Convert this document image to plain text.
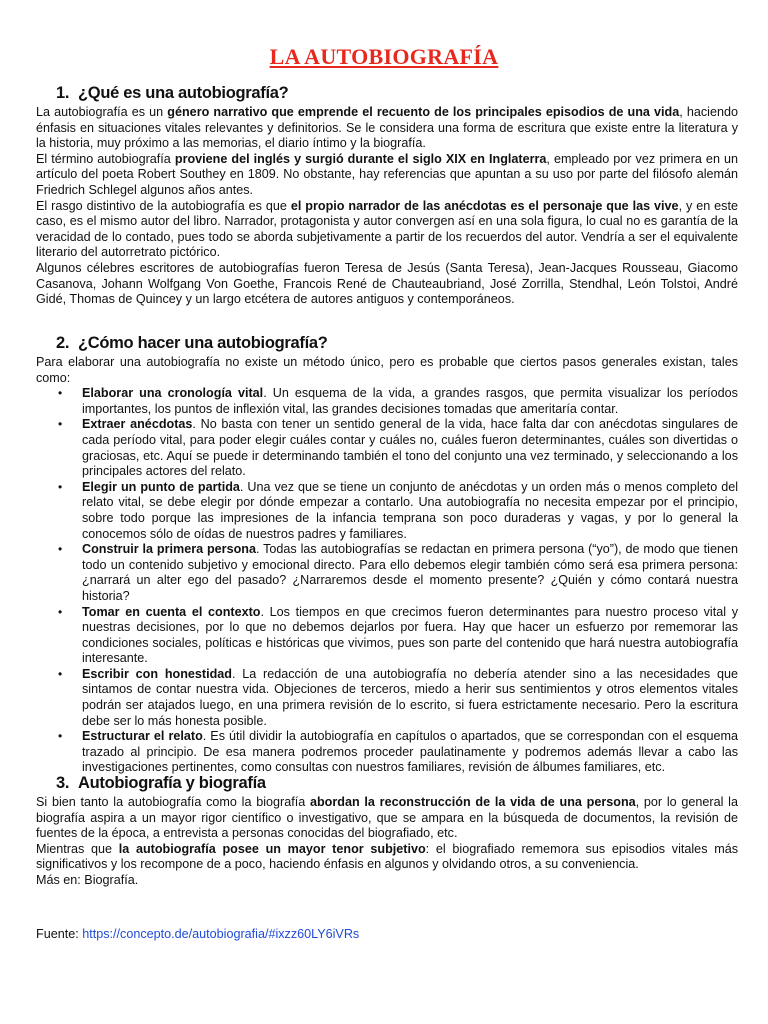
LA AUTOBIOGRAFÍA
1. ¿Qué es una autobiografía?

La autobiografía es un género narrativo que emprende el recuento de los principales episodios de una vida, haciendo énfasis en situaciones vitales relevantes y definitorios. Se le considera una forma de escritura que existe entre la literatura y la historia, muy próximo a las memorias, el diario íntimo y la biografía.

El término autobiografía proviene del inglés y surgió durante el siglo XIX en Inglaterra, empleado por vez primera en un artículo del poeta Robert Southey en 1809. No obstante, hay referencias que apuntan a su uso por parte del filósofo alemán Friedrich Schlegel algunos años antes.

El rasgo distintivo de la autobiografía es que el propio narrador de las anécdotas es el personaje que las vive, y en este caso, es el mismo autor del libro. Narrador, protagonista y autor convergen así en una sola figura, lo cual no es garantía de la veracidad de lo contado, pues todo se aborda subjetivamente a partir de los recuerdos del autor. Vendría a ser el equivalente literario del autorretrato pictórico.

Algunos célebres escritores de autobiografías fueron Teresa de Jesús (Santa Teresa), Jean-Jacques Rousseau, Giacomo Casanova, Johann Wolfgang Von Goethe, Francois René de Chauteaubriand, José Zorrilla, Stendhal, León Tolstoi, André Gidé, Thomas de Quincey y un largo etcétera de autores antiguos y contemporáneos.

2. ¿Cómo hacer una autobiografía?

Para elaborar una autobiografía no existe un método único, pero es probable que ciertos pasos generales existan, tales como:

• Elaborar una cronología vital. Un esquema de la vida, a grandes rasgos, que permita visualizar los períodos importantes, los puntos de inflexión vital, las grandes decisiones tomadas que ameritaría contar.
• Extraer anécdotas. No basta con tener un sentido general de la vida, hace falta dar con anécdotas singulares de cada período vital, para poder elegir cuáles contar y cuáles no, cuáles fueron determinantes, cuáles son divertidas o graciosas, etc. Aquí se puede ir determinando también el tono del conjunto una vez terminado, y seleccionando a los principales actores del relato.
• Elegir un punto de partida. Una vez que se tiene un conjunto de anécdotas y un orden más o menos completo del relato vital, se debe elegir por dónde empezar a contarlo. Una autobiografía no necesita empezar por el principio, sobre todo porque las impresiones de la infancia temprana son poco duraderas y vagas, y por lo general la conocemos sólo de oídas de nuestros padres y familiares.
• Construir la primera persona. Todas las autobiografías se redactan en primera persona (“yo”), de modo que tienen todo un contenido subjetivo y emocional directo. Para ello debemos elegir también cómo será esa primera persona: ¿narrará un alter ego del pasado? ¿Narraremos desde el momento presente? ¿Quién y cómo contará nuestra historia?
• Tomar en cuenta el contexto. Los tiempos en que crecimos fueron determinantes para nuestro proceso vital y nuestras decisiones, por lo que no debemos dejarlos por fuera. Hay que hacer un esfuerzo por rememorar las condiciones sociales, políticas e históricas que vivimos, pues son parte del contenido que hará nuestra autobiografía interesante.
• Escribir con honestidad. La redacción de una autobiografía no debería atender sino a las necesidades que sintamos de contar nuestra vida. Objeciones de terceros, miedo a herir sus sentimientos y otros elementos vitales podrán ser atajados luego, en una primera revisión de lo escrito, si fuera estrictamente necesario. Pero la escritura debe ser lo más honesta posible.
• Estructurar el relato. Es útil dividir la autobiografía en capítulos o apartados, que se correspondan con el esquema trazado al principio. De esa manera podremos proceder paulatinamente y podremos además llevar a cabo las investigaciones pertinentes, como consultas con nuestros familiares, revisión de álbumes familiares, etc.
3. Autobiografía y biografía

Si bien tanto la autobiografía como la biografía abordan la reconstrucción de la vida de una persona, por lo general la biografía aspira a un mayor rigor científico o investigativo, que se ampara en la búsqueda de documentos, la revisión de fuentes de la época, a entrevista a personas conocidas del biografiado, etc.

Mientras que la autobiografía posee un mayor tenor subjetivo: el biografiado rememora sus episodios vitales más significativos y los recompone de a poco, haciendo énfasis en algunos y olvidando otros, a su conveniencia.

Más en: Biografía.

Fuente: https://concepto.de/autobiografia/#ixzz60LY6iVRs
